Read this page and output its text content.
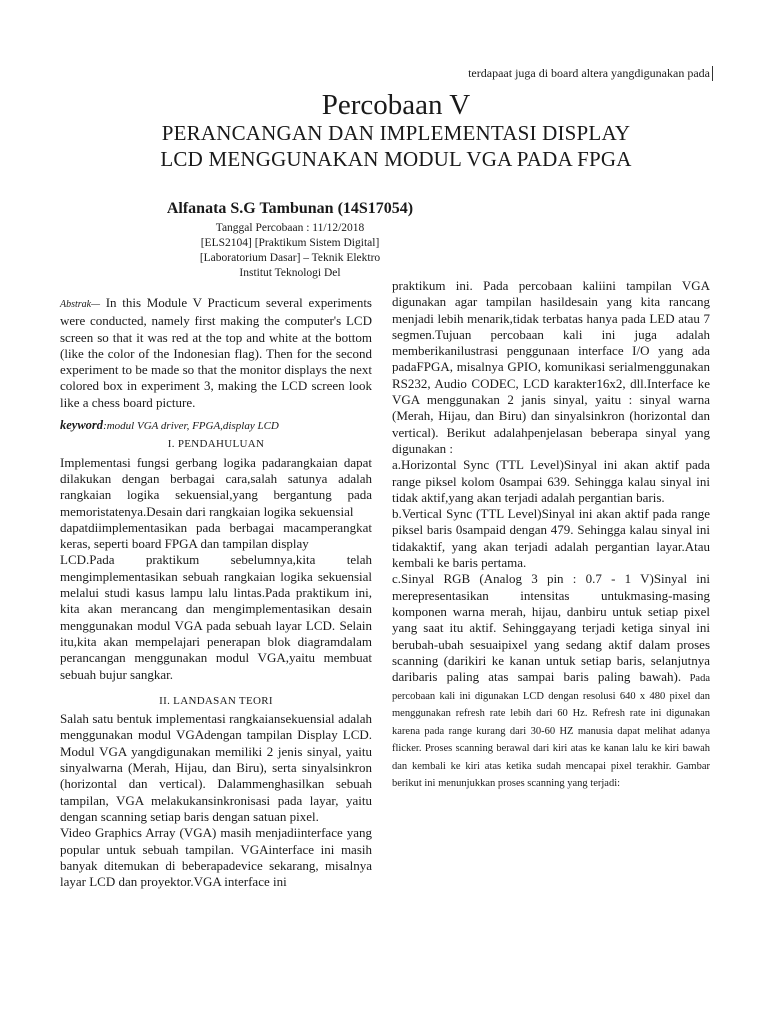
terdapaat juga di board altera yangdigunakan pada
Percobaan V
PERANCANGAN DAN IMPLEMENTASI DISPLAY
LCD MENGGUNAKAN MODUL VGA PADA FPGA
Alfanata S.G Tambunan (14S17054)
Tanggal Percobaan : 11/12/2018
[ELS2104] [Praktikum Sistem Digital]
[Laboratorium Dasar] – Teknik Elektro
Institut Teknologi Del

Abstrak— In this Module V Practicum several experiments were conducted, namely first making the computer's LCD screen so that it was red at the top and white at the bottom (like the color of the Indonesian flag). Then for the second experiment to be made so that the monitor displays the next colored box in experiment 3, making the LCD screen look like a chess board picture.

keyword:modul VGA driver, FPGA,display LCD

I. PENDAHULUAN

Implementasi fungsi gerbang logika padarangkaian dapat dilakukan dengan berbagai cara,salah satunya adalah rangkaian logika sekuensial,yang bergantung pada memoristatenya.Desain dari rangkaian logika sekuensial

dapatdiimplementasikan pada berbagai macamperangkat keras, seperti board FPGA dan tampilan display

LCD.Pada praktikum sebelumnya,kita telah mengimplementasikan sebuah rangkaian logika sekuensial melalui studi kasus lampu lalu lintas.Pada praktikum ini, kita akan merancang dan mengimplementasikan desain menggunakan modul VGA pada sebuah layar LCD. Selain itu,kita akan mempelajari penerapan blok diagramdalam perancangan menggunakan modul VGA,yaitu membuat sebuah bujur sangkar.

II. LANDASAN TEORI

Salah satu bentuk implementasi rangkaiansekuensial adalah menggunakan modul VGAdengan tampilan Display LCD. Modul VGA yangdigunakan memiliki 2 jenis sinyal, yaitu sinyalwarna (Merah, Hijau, dan Biru), serta sinyalsinkron (horizontal dan vertical). Dalammenghasilkan sebuah tampilan, VGA melakukansinkronisasi pada layar, yaitu dengan scanning setiap baris dengan satuan pixel.

Video Graphics Array (VGA) masih menjadiinterface yang popular untuk sebuah tampilan. VGAinterface ini masih banyak ditemukan di beberapadevice sekarang, misalnya layar LCD dan proyektor.VGA interface ini

praktikum ini. Pada percobaan kaliini tampilan VGA digunakan agar tampilan hasildesain yang kita rancang menjadi lebih menarik,tidak terbatas hanya pada LED atau 7 segmen.Tujuan percobaan kali ini juga adalah memberikanilustrasi penggunaan interface I/O yang ada padaFPGA, misalnya GPIO, komunikasi serialmenggunakan RS232, Audio CODEC, LCD karakter16x2, dll.Interface ke VGA menggunakan 2 janis sinyal, yaitu : sinyal warna (Merah, Hijau, dan Biru) dan sinyalsinkron (horizontal dan vertical). Berikut adalahpenjelasan beberapa sinyal yang digunakan :

a.Horizontal Sync (TTL Level)Sinyal ini akan aktif pada range piksel kolom 0sampai 639. Sehingga kalau sinyal ini tidak aktif,yang akan terjadi adalah pergantian baris.

b.Vertical Sync (TTL Level)Sinyal ini akan aktif pada range piksel baris 0sampaid dengan 479. Sehingga kalau sinyal ini tidakaktif, yang akan terjadi adalah pergantian layar.Atau kembali ke baris pertama.

c.Sinyal RGB (Analog 3 pin : 0.7 - 1 V)Sinyal ini merepresentasikan intensitas untukmasing-masing komponen warna merah, hijau, danbiru untuk setiap pixel yang saat itu aktif. Sehinggayang terjadi ketiga sinyal ini berubah-ubah sesuaipixel yang sedang aktif dalam proses scanning (darikiri ke kanan untuk setiap baris, selanjutnya daribaris paling atas sampai baris paling bawah). Pada percobaan kali ini digunakan LCD dengan resolusi 640 x 480 pixel dan menggunakan refresh rate lebih dari 60 Hz. Refresh rate ini digunakan karena pada range kurang dari 30-60 HZ manusia dapat melihat adanya flicker. Proses scanning berawal dari kiri atas ke kanan lalu ke kiri bawah dan kembali ke kiri atas ketika sudah mencapai pixel terakhir. Gambar berikut ini menunjukkan proses scanning yang terjadi:
